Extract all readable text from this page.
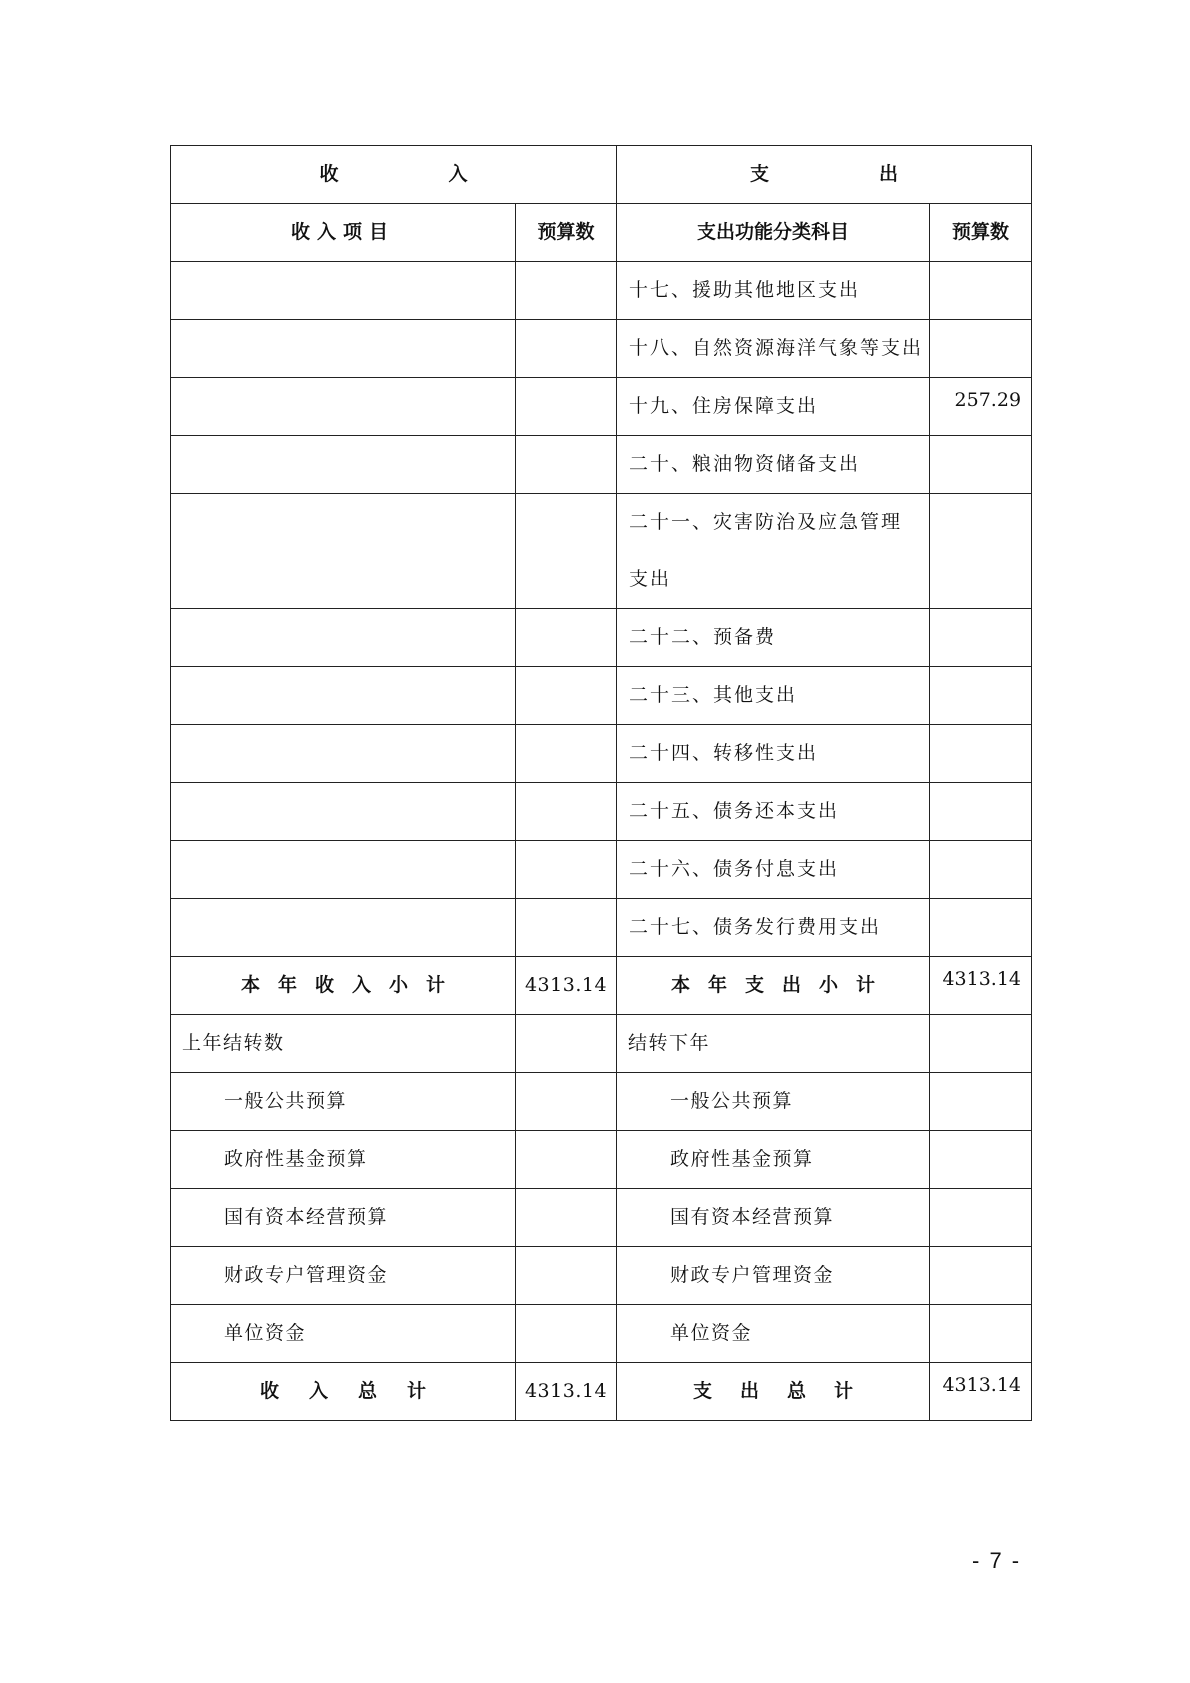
收入		支出	
收入项目	预算数	支出功能分类科目	预算数
		十七、援助其他地区支出	
		十八、自然资源海洋气象等支出	
		十九、住房保障支出	257.29
		二十、粮油物资储备支出	
		二十一、灾害防治及应急管理支出	
		二十二、预备费	
		二十三、其他支出	
		二十四、转移性支出	
		二十五、债务还本支出	
		二十六、债务付息支出	
		二十七、债务发行费用支出	
本年收入小计	4313.14	本年支出小计	4313.14
上年结转数		结转下年	
一般公共预算		一般公共预算	
政府性基金预算		政府性基金预算	
国有资本经营预算		国有资本经营预算	
财政专户管理资金		财政专户管理资金	
单位资金		单位资金	
收入总计	4313.14	支出总计	4313.14
- 7 -
